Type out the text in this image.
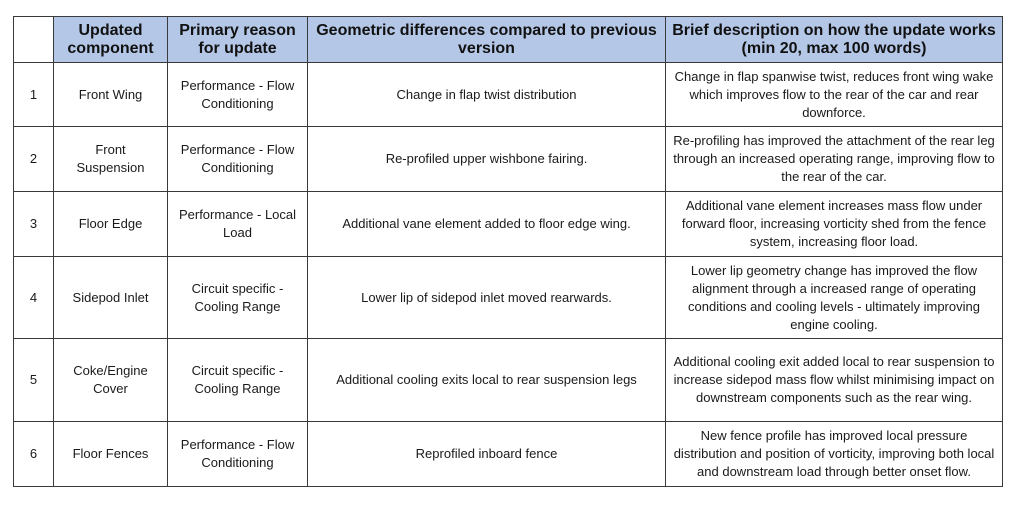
	Updated component	Primary reason for update	Geometric differences compared to previous version	Brief description on how the update works (min 20, max 100 words)
1	Front Wing	Performance - Flow Conditioning	Change in flap twist distribution	Change in flap spanwise twist, reduces front wing wake which improves flow to the rear of the car and rear downforce.
2	Front Suspension	Performance - Flow Conditioning	Re-profiled upper wishbone fairing.	Re-profiling has improved the attachment of the rear leg through an increased operating range, improving flow to the rear of the car.
3	Floor Edge	Performance - Local Load	Additional vane element added to floor edge wing.	Additional vane element increases mass flow under forward floor, increasing vorticity shed from the fence system, increasing floor load.
4	Sidepod Inlet	Circuit specific - Cooling Range	Lower lip of sidepod inlet moved rearwards.	Lower lip geometry change has improved the flow alignment through a increased range of operating conditions and cooling levels - ultimately improving engine cooling.
5	Coke/Engine Cover	Circuit specific - Cooling Range	Additional cooling exits local to rear suspension legs	Additional cooling exit added local to rear suspension to increase sidepod mass flow whilst minimising impact on downstream components such as the rear wing.
6	Floor Fences	Performance - Flow Conditioning	Reprofiled inboard fence	New fence profile has improved local pressure distribution and position of vorticity, improving both local and downstream load through better onset flow.
